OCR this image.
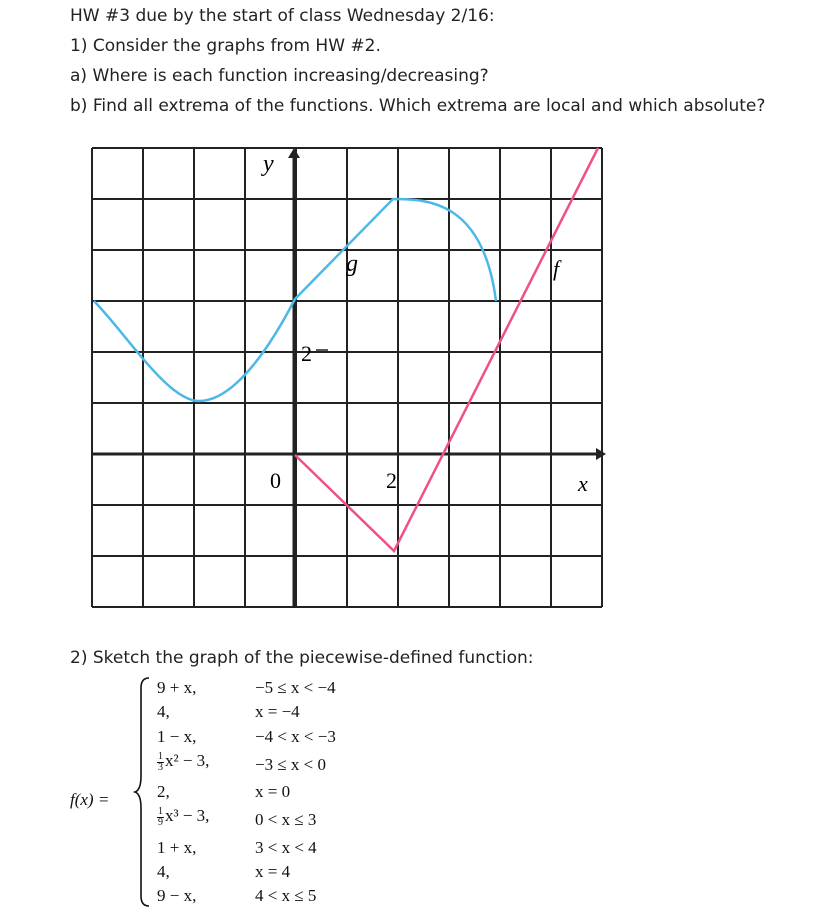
HW #3 due by the start of class Wednesday 2/16:
1) Consider the graphs from HW #2.
a) Where is each function increasing/decreasing?
b) Find all extrema of the functions. Which extrema are local and which absolute?
y
x
0	2
2
g	f
2) Sketch the graph of the piecewise-defined function:
f(x) =
9 + x,	−5 ≤ x < −4
4,	x = −4
1 − x,	−4 < x < −3
$\frac{1}{3} x^2 - 3$,	−3 ≤ x < 0
2,	x = 0
$\frac{1}{9} x^3 - 3$,	0 < x ≤ 3
1 + x,	3 < x < 4
4,	x = 4
9 − x,	4 < x ≤ 5
